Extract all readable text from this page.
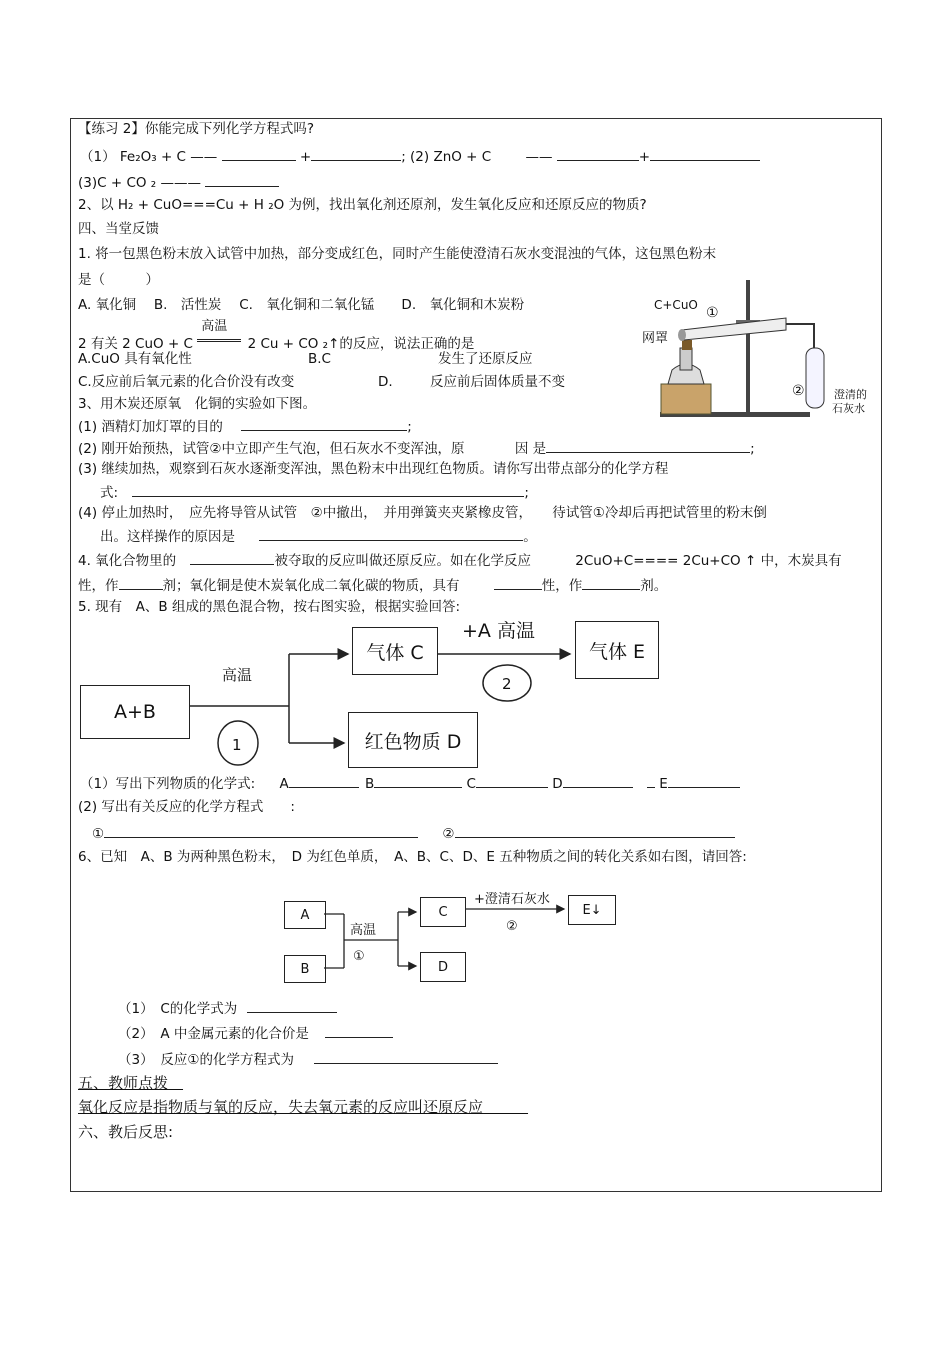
【练习 2】你能完成下列化学方程式吗?
（1） Fe₂O₃ + C ——	+	; (2) ZnO + C	——	+
(3)C + CO ₂ ———
2、以 H₂ + CuO===Cu + H ₂O 为例，找出氧化剂还原剂，发生氧化反应和还原反应的物质?
四、当堂反馈
1. 将一包黑色粉末放入试管中加热，部分变成红色，同时产生能使澄清石灰水变混浊的气体，这包黑色粉末
是（　　　）
A. 氧化铜　 B.　活性炭　 C.　氧化铜和二氧化锰　　D.　氧化铜和木炭粉
2 有关 2 CuO + C
高温
2 Cu + CO ₂↑的反应，说法正确的是
A.CuO 具有氧化性	B.C	发生了还原反应
C.反应前后氧元素的化合价没有改变	D.	反应前后固体质量不变
3、用木炭还原氧　化铜的实验如下图。
(1) 酒精灯加灯罩的目的	;
(2) 刚开始预热，试管②中立即产生气泡，但石灰水不变浑浊，原	因 是	;
(3) 继续加热，观察到石灰水逐渐变浑浊，黑色粉末中出现红色物质。请你写出带点部分的化学方程
式:	;
(4) 停止加热时，　应先将导管从试管　②中撤出，　并用弹簧夹夹紧橡皮管，　　待试管①冷却后再把试管里的粉末倒
出。这样操作的原因是	。
4. 氧化合物里的	被夺取的反应叫做还原反应。如在化学反应	2CuO+C==== 2Cu+CO ↑ 中，木炭具有
性，作	剂；氧化铜是使木炭氧化成二氧化碳的物质，具有	性，作	剂。
5. 现有　A、B 组成的黑色混合物，按右图实验，根据实验回答:
C+CuO ①
网罩
②	澄清的
石灰水
A+B
高温
1
气体 C
红色物质 D
+A 高温
2
气体 E
（1）写出下列物质的化学式: A	B	C	D	E
(2) 写出有关反应的化学方程式　　:
①	②
6、已知　A、B 为两种黑色粉末，　D 为红色单质，　A、B、C、D、E 五种物质之间的转化关系如右图，请回答:
A
B
高温
①
C
D
+澄清石灰水
②
E↓
（1）　C的化学式为
（2）　A 中金属元素的化合价是
（3）　反应①的化学方程式为
五、教师点拨　
氧化反应是指物质与氧的反应，失去氧元素的反应叫还原反应　　　
六、教后反思:
